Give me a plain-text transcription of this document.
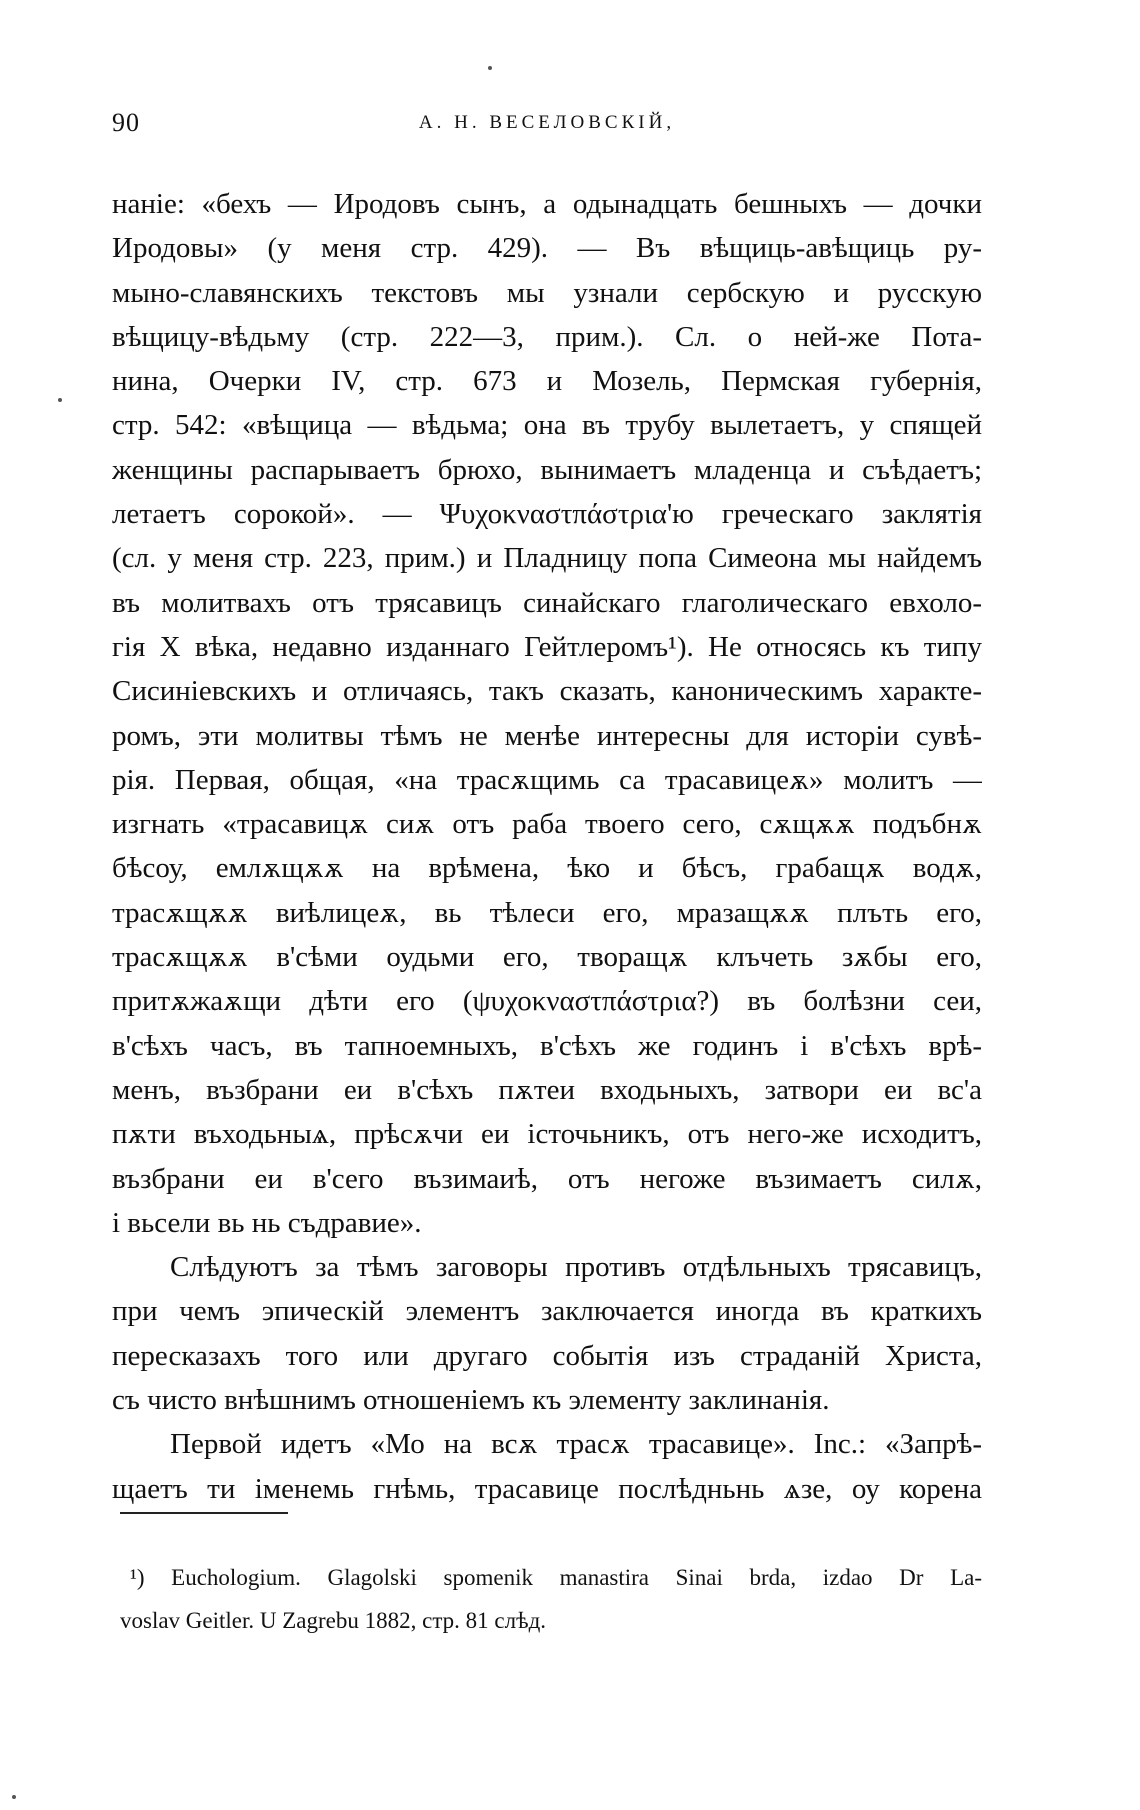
90	А. Н. ВЕСЕЛОВСКІЙ,
наніе: «бехъ — Иродовъ сынъ, а одынадцать бешныхъ — дочки
Иродовы» (у меня стр. 429). — Въ вѣщиць-авѣщиць ру-
мыно-славянскихъ текстовъ мы узнали сербскую и русскую
вѣщицу-вѣдьму (стр. 222—3, прим.). Сл. о ней-же Пота-
нина, Очерки IV, стр. 673 и Мозель, Пермская губернія,
стр. 542: «вѣщица — вѣдьма; она въ трубу вылетаетъ, у спящей
женщины распарываетъ брюхо, вынимаетъ младенца и съѣдаетъ;
летаетъ сорокой». — Ψυχοκναστπάστρια'ю греческаго заклятія
(сл. у меня стр. 223, прим.) и Пладницу попа Симеона мы найдемъ
въ молитвахъ отъ трясавицъ синайскаго глаголическаго евхоло-
гія X вѣка, недавно изданнаго Гейтлеромъ¹). Не относясь къ типу
Сисиніевскихъ и отличаясь, такъ сказать, каноническимъ характе-
ромъ, эти молитвы тѣмъ не менѣе интересны для исторіи сувѣ-
рія. Первая, общая, «на трасѫщимь са трасавицеѫ» молитъ —
изгнать «трасавицѫ сиѫ отъ раба твоего сего, сѫщѫѫ подъбнѫ
бѣсоу, емлѫщѫѫ на врѣмена, ѣко и бѣсъ, грабащѫ водѫ,
трасѫщѫѫ виѣлицеѫ, вь тѣлеси его, мразащѫѫ плъть его,
трасѫщѫѫ в'сѣми оудьми его, творащѫ клъчеть зѫбы его,
притѫжаѫщи дѣти его (ψυχοκναστπάστρια?) въ болѣзни сеи,
в'сѣхъ часъ, въ тапноемныхъ, в'сѣхъ же годинъ і в'сѣхъ врѣ-
менъ, възбрани еи в'сѣхъ пѫтеи входьныхъ, затвори еи вс'а
пѫти въходьныѧ, прѣсѫчи еи істочьникъ, отъ него-же исходитъ,
възбрани еи в'сего възимаиѣ, отъ негоже възимаетъ силѫ,
і вьсели вь нь съдравие».
Слѣдуютъ за тѣмъ заговоры противъ отдѣльныхъ трясавицъ,
при чемъ эпическій элементъ заключается иногда въ краткихъ
пересказахъ того или другаго событія изъ страданій Христа,
съ чисто внѣшнимъ отношеніемъ къ элементу заклинанія.
Первой идетъ «Мо на всѫ трасѫ трасавице». Inc.: «Запрѣ-
щаетъ ти іменемь гнѣмь, трасавице послѣдньнь ѧзе, оу корена
¹) Euchologium. Glagolski spomenik manastira Sinai brda, izdao Dr La-
voslav Geitler. U Zagrebu 1882, стр. 81 слѣд.
